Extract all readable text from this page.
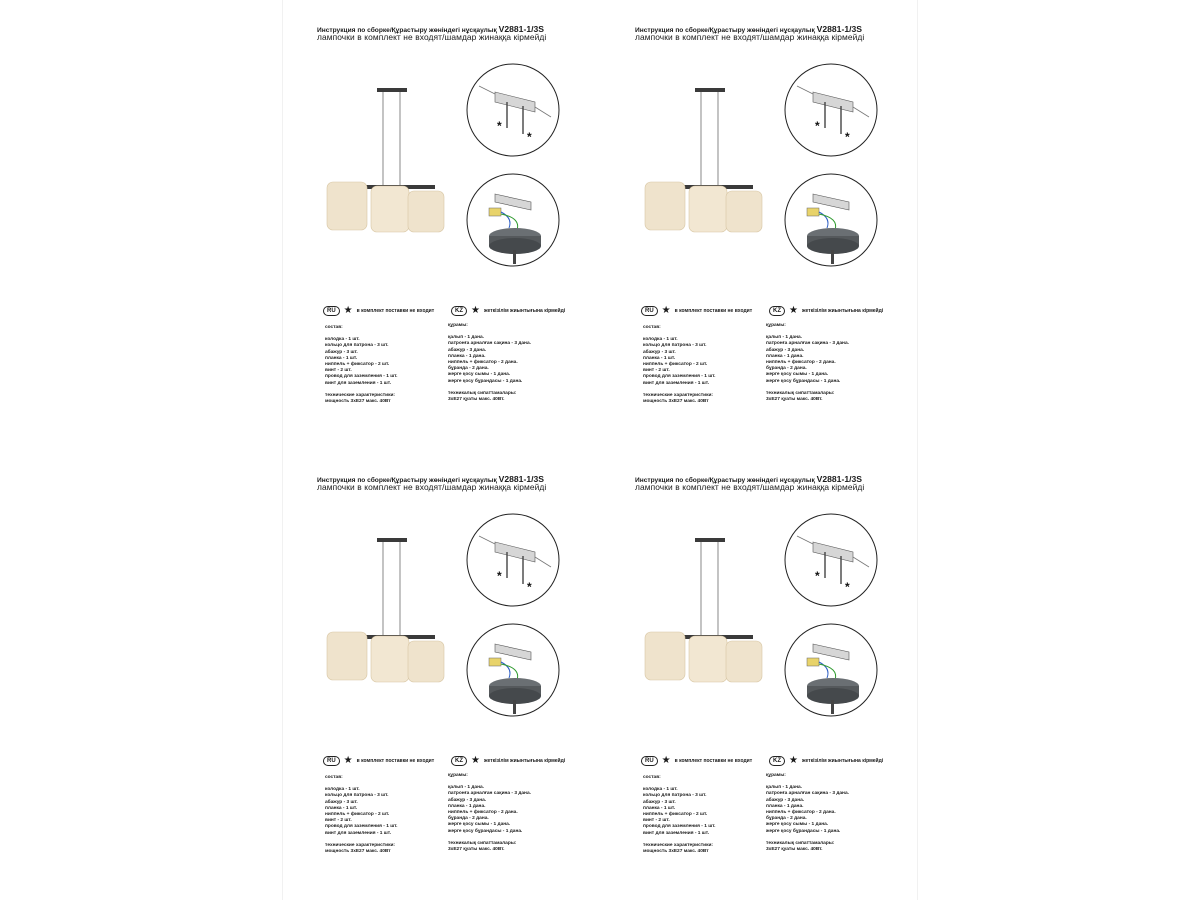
Инструкция по сборке/Құрастыру жөніндегі нұсқаулық V2881-1/3S
лампочки в комплект не входят/шамдар жинаққа кірмейді
*
*
RU ★ в комплект поставки не входит	KZ ★ жеткізілім жиынтығына кірмейді
состав:
колодка - 1 шт.
кольцо для патрона - 3 шт.
абажур - 3 шт.
планка - 1 шт.
ниппель + фиксатор - 2 шт.
винт - 2 шт.
провод для заземления - 1 шт.
винт для заземления - 1 шт.
технические характеристики:
мощность 3хE27 макс. 40Вт
құрамы:
қалып - 1 дана.
патронға арналған сақина - 3 дана.
абажур - 3 дана.
планка - 1 дана.
ниппель + фиксатор - 2 дана.
бұранда - 2 дана.
жерге қосу сымы - 1 дана.
жерге қосу бұрандасы - 1 дана.
техникалық сипаттамалары:
3хE27 қуаты макс. 40Вт.
Инструкция по сборке/Құрастыру жөніндегі нұсқаулық V2881-1/3S
лампочки в комплект не входят/шамдар жинаққа кірмейді
*
*
RU ★ в комплект поставки не входит	KZ ★ жеткізілім жиынтығына кірмейді
состав:
колодка - 1 шт.
кольцо для патрона - 3 шт.
абажур - 3 шт.
планка - 1 шт.
ниппель + фиксатор - 2 шт.
винт - 2 шт.
провод для заземления - 1 шт.
винт для заземления - 1 шт.
технические характеристики:
мощность 3хE27 макс. 40Вт
құрамы:
қалып - 1 дана.
патронға арналған сақина - 3 дана.
абажур - 3 дана.
планка - 1 дана.
ниппель + фиксатор - 2 дана.
бұранда - 2 дана.
жерге қосу сымы - 1 дана.
жерге қосу бұрандасы - 1 дана.
техникалық сипаттамалары:
3хE27 қуаты макс. 40Вт.
Инструкция по сборке/Құрастыру жөніндегі нұсқаулық V2881-1/3S
лампочки в комплект не входят/шамдар жинаққа кірмейді
*
*
RU ★ в комплект поставки не входит	KZ ★ жеткізілім жиынтығына кірмейді
состав:
колодка - 1 шт.
кольцо для патрона - 3 шт.
абажур - 3 шт.
планка - 1 шт.
ниппель + фиксатор - 2 шт.
винт - 2 шт.
провод для заземления - 1 шт.
винт для заземления - 1 шт.
технические характеристики:
мощность 3хE27 макс. 40Вт
құрамы:
қалып - 1 дана.
патронға арналған сақина - 3 дана.
абажур - 3 дана.
планка - 1 дана.
ниппель + фиксатор - 2 дана.
бұранда - 2 дана.
жерге қосу сымы - 1 дана.
жерге қосу бұрандасы - 1 дана.
техникалық сипаттамалары:
3хE27 қуаты макс. 40Вт.
Инструкция по сборке/Құрастыру жөніндегі нұсқаулық V2881-1/3S
лампочки в комплект не входят/шамдар жинаққа кірмейді
*
*
RU ★ в комплект поставки не входит	KZ ★ жеткізілім жиынтығына кірмейді
состав:
колодка - 1 шт.
кольцо для патрона - 3 шт.
абажур - 3 шт.
планка - 1 шт.
ниппель + фиксатор - 2 шт.
винт - 2 шт.
провод для заземления - 1 шт.
винт для заземления - 1 шт.
технические характеристики:
мощность 3хE27 макс. 40Вт
құрамы:
қалып - 1 дана.
патронға арналған сақина - 3 дана.
абажур - 3 дана.
планка - 1 дана.
ниппель + фиксатор - 2 дана.
бұранда - 2 дана.
жерге қосу сымы - 1 дана.
жерге қосу бұрандасы - 1 дана.
техникалық сипаттамалары:
3хE27 қуаты макс. 40Вт.
